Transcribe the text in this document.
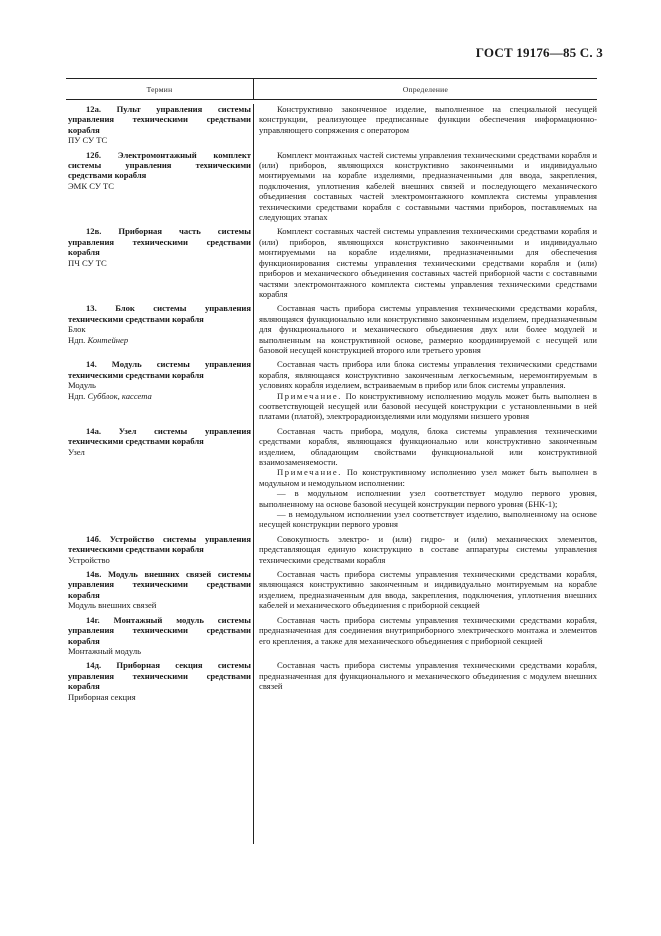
ГОСТ 19176—85 С. 3
Термин	Определение
12а. Пульт управления системы управления техническими средствами корабля
ПУ СУ ТС

Конструктивно законченное изделие, выполненное на специальной несущей конструкции, реализующее предписанные функции обеспечения информационно-управляющего сопряжения с оператором

12б. Электромонтажный комплект системы управления техническими средствами корабля
ЭМК СУ ТС

Комплект монтажных частей системы управления техническими средствами корабля и (или) приборов, являющихся конструктивно законченными и индивидуально монтируемыми на корабле изделиями, предназначенными для ввода, закрепления, подключения, уплотнения кабелей внешних связей и последующего механического объединения составных частей электромонтажного комплекта системы управления техническими средствами корабля с составными частями приборов, поставляемых на следующих этапах

12в. Приборная часть системы управления техническими средствами корабля
ПЧ СУ ТС

Комплект составных частей системы управления техническими средствами корабля и (или) приборов, являющихся конструктивно законченными и индивидуально монтируемыми на корабле изделиями, предназначенными для обеспечения функционирования системы управления техническими средствами корабля и (или) приборов и механического объединения составных частей приборной части с составными частями электромонтажного комплекта системы управления техническими средствами корабля

13. Блок системы управления техническими средствами корабля
Блок
Ндп. Контейнер

Составная часть прибора системы управления техническими средствами корабля, являющаяся функционально или конструктивно законченным изделием, предназначенным для функционального и механического объединения двух или более модулей и выполненным на конструктивной основе, размерно координируемой с несущей или базовой несущей конструкцией второго или третьего уровня

14. Модуль системы управления техническими средствами корабля
Модуль
Ндп. Субблок, кассета

Составная часть прибора или блока системы управления техническими средствами корабля, являющаяся конструктивно законченным легкосъемным, неремонтируемым в условиях корабля изделием, встраиваемым в прибор или блок системы управления.

Примечание. По конструктивному исполнению модуль может быть выполнен в соответствующей несущей или базовой несущей конструкции с установленными в ней платами (платой), электрорадиоизделиями или модулями низшего уровня

14а. Узел системы управления техническими средствами корабля
Узел

Составная часть прибора, модуля, блока системы управления техническими средствами корабля, являющаяся функционально или конструктивно законченным изделием, обладающим свойствами функциональной или конструктивной взаимозаменяемости.

Примечание. По конструктивному исполнению узел может быть выполнен в модульном и немодульном исполнении:

— в модульном исполнении узел соответствует модулю первого уровня, выполненному на основе базовой несущей конструкции первого уровня (БНК-1);

— в немодульном исполнении узел соответствует изделию, выполненному на основе несущей конструкции первого уровня

14б. Устройство системы управления техническими средствами корабля
Устройство

Совокупность электро- и (или) гидро- и (или) механических элементов, представляющая единую конструкцию в составе аппаратуры системы управления техническими средствами корабля

14в. Модуль внешних связей системы управления техническими средствами корабля
Модуль внешних связей

Составная часть прибора системы управления техническими средствами корабля, являющаяся конструктивно законченным и индивидуально монтируемым на корабле изделием, предназначенным для ввода, закрепления, подключения, уплотнения внешних кабелей и механического объединения с приборной секцией

14г. Монтажный модуль системы управления техническими средствами корабля
Монтажный модуль

Составная часть прибора системы управления техническими средствами корабля, предназначенная для соединения внутриприборного электрического монтажа и элементов его крепления, а также для механического объединения с приборной секцией

14д. Приборная секция системы управления техническими средствами корабля
Приборная секция

Составная часть прибора системы управления техническими средствами корабля, предназначенная для функционального и механического объединения с модулем внешних связей
